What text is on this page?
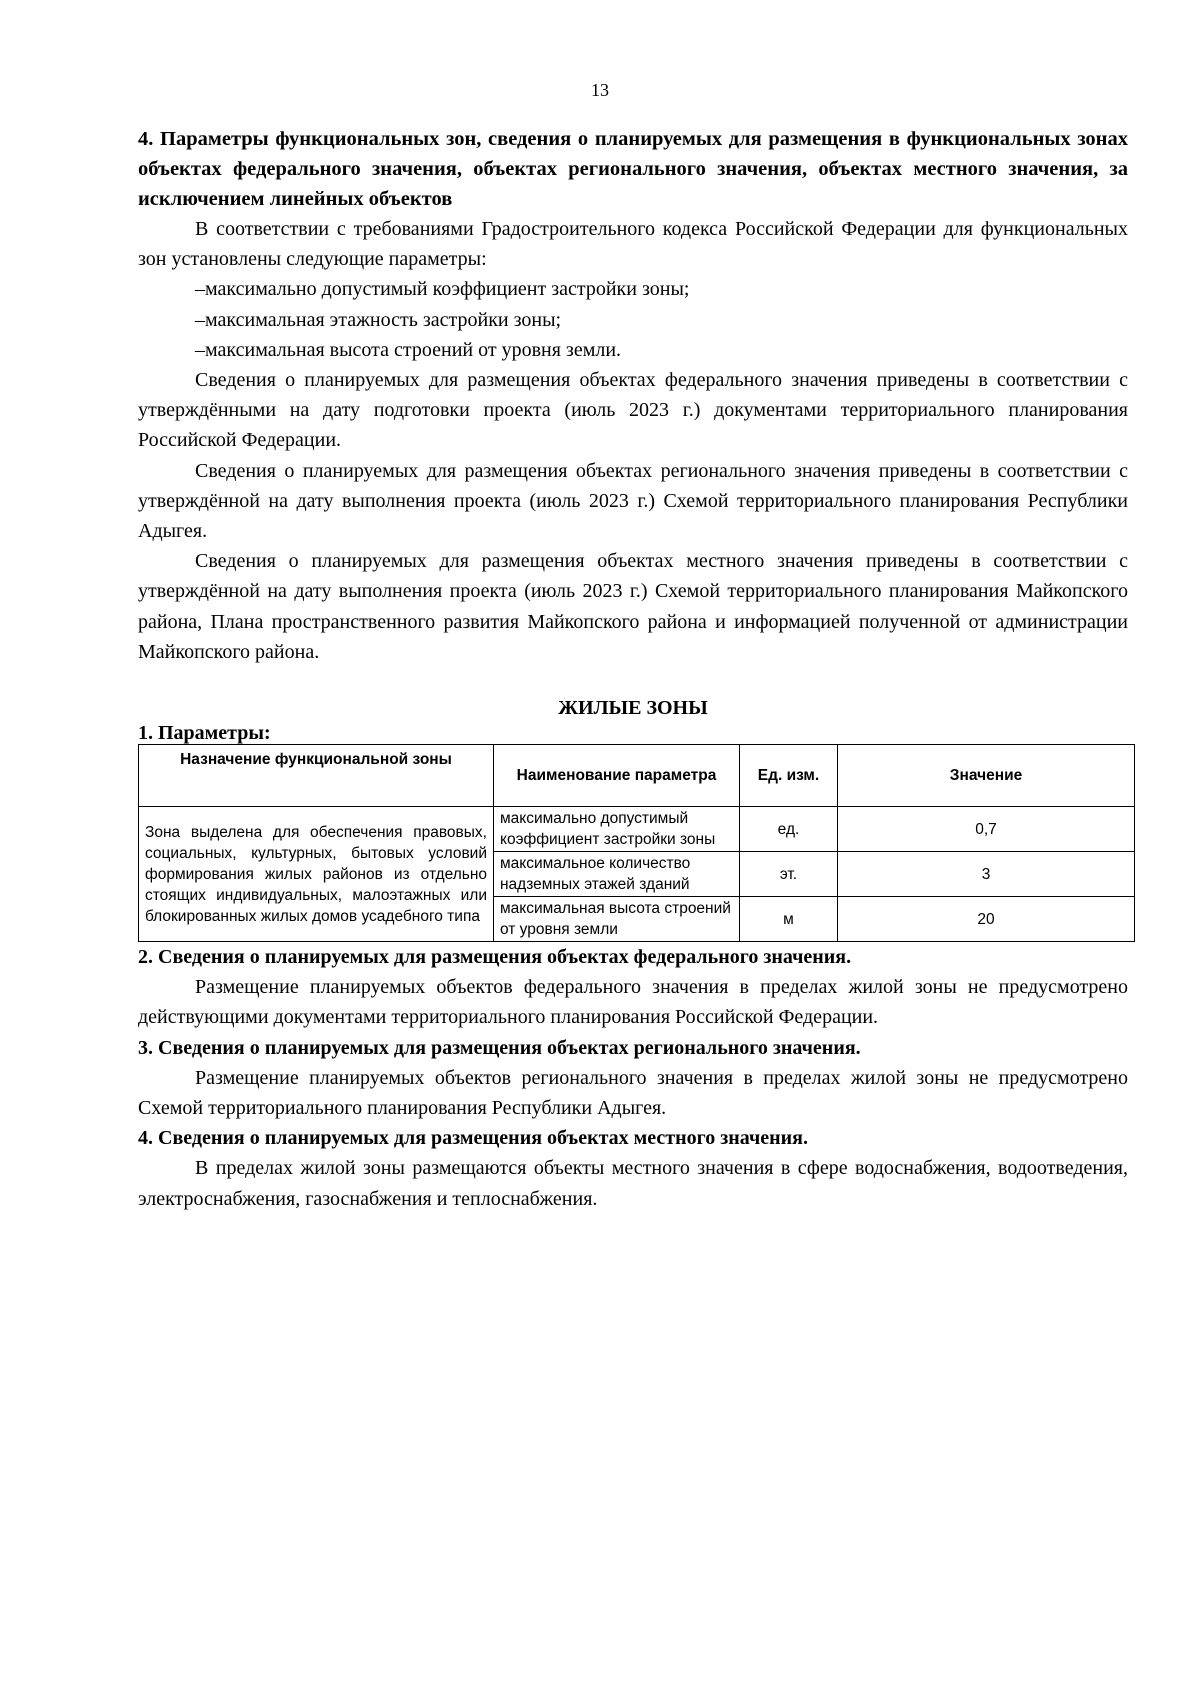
13

4. Параметры функциональных зон, сведения о планируемых для размещения в функциональных зонах объектах федерального значения, объектах регионального значения, объектах местного значения, за исключением линейных объектов

В соответствии с требованиями Градостроительного кодекса Российской Федерации для функциональных зон установлены следующие параметры:

–максимально допустимый коэффициент застройки зоны;

–максимальная этажность застройки зоны;

–максимальная высота строений от уровня земли.

Сведения о планируемых для размещения объектах федерального значения приведены в соответствии с утверждёнными на дату подготовки проекта (июль 2023 г.) документами территориального планирования Российской Федерации.

Сведения о планируемых для размещения объектах регионального значения приведены в соответствии с утверждённой на дату выполнения проекта (июль 2023 г.) Схемой территориального планирования Республики Адыгея.

Сведения о планируемых для размещения объектах местного значения приведены в соответствии с утверждённой на дату выполнения проекта (июль 2023 г.) Схемой территориального планирования Майкопского района, Плана пространственного развития Майкопского района и информацией полученной от администрации Майкопского района.

ЖИЛЫЕ ЗОНЫ
1. Параметры:
Назначение функциональной зоны	Наименование параметра	Ед. изм.	Значение
Зона выделена для обеспечения правовых, социальных, культурных, бытовых условий формирования жилых районов из отдельно стоящих индивидуальных, малоэтажных или блокированных жилых домов усадебного типа	максимально допустимый коэффициент застройки зоны	ед.	0,7
	максимальное количество надземных этажей зданий	эт.	3
	максимальная высота строений от уровня земли	м	20

2. Сведения о планируемых для размещения объектах федерального значения.

Размещение планируемых объектов федерального значения в пределах жилой зоны не предусмотрено действующими документами территориального планирования Российской Федерации.

3. Сведения о планируемых для размещения объектах регионального значения.

Размещение планируемых объектов регионального значения в пределах жилой зоны не предусмотрено Схемой территориального планирования Республики Адыгея.

4. Сведения о планируемых для размещения объектах местного значения.

В пределах жилой зоны размещаются объекты местного значения в сфере водоснабжения, водоотведения, электроснабжения, газоснабжения и теплоснабжения.
